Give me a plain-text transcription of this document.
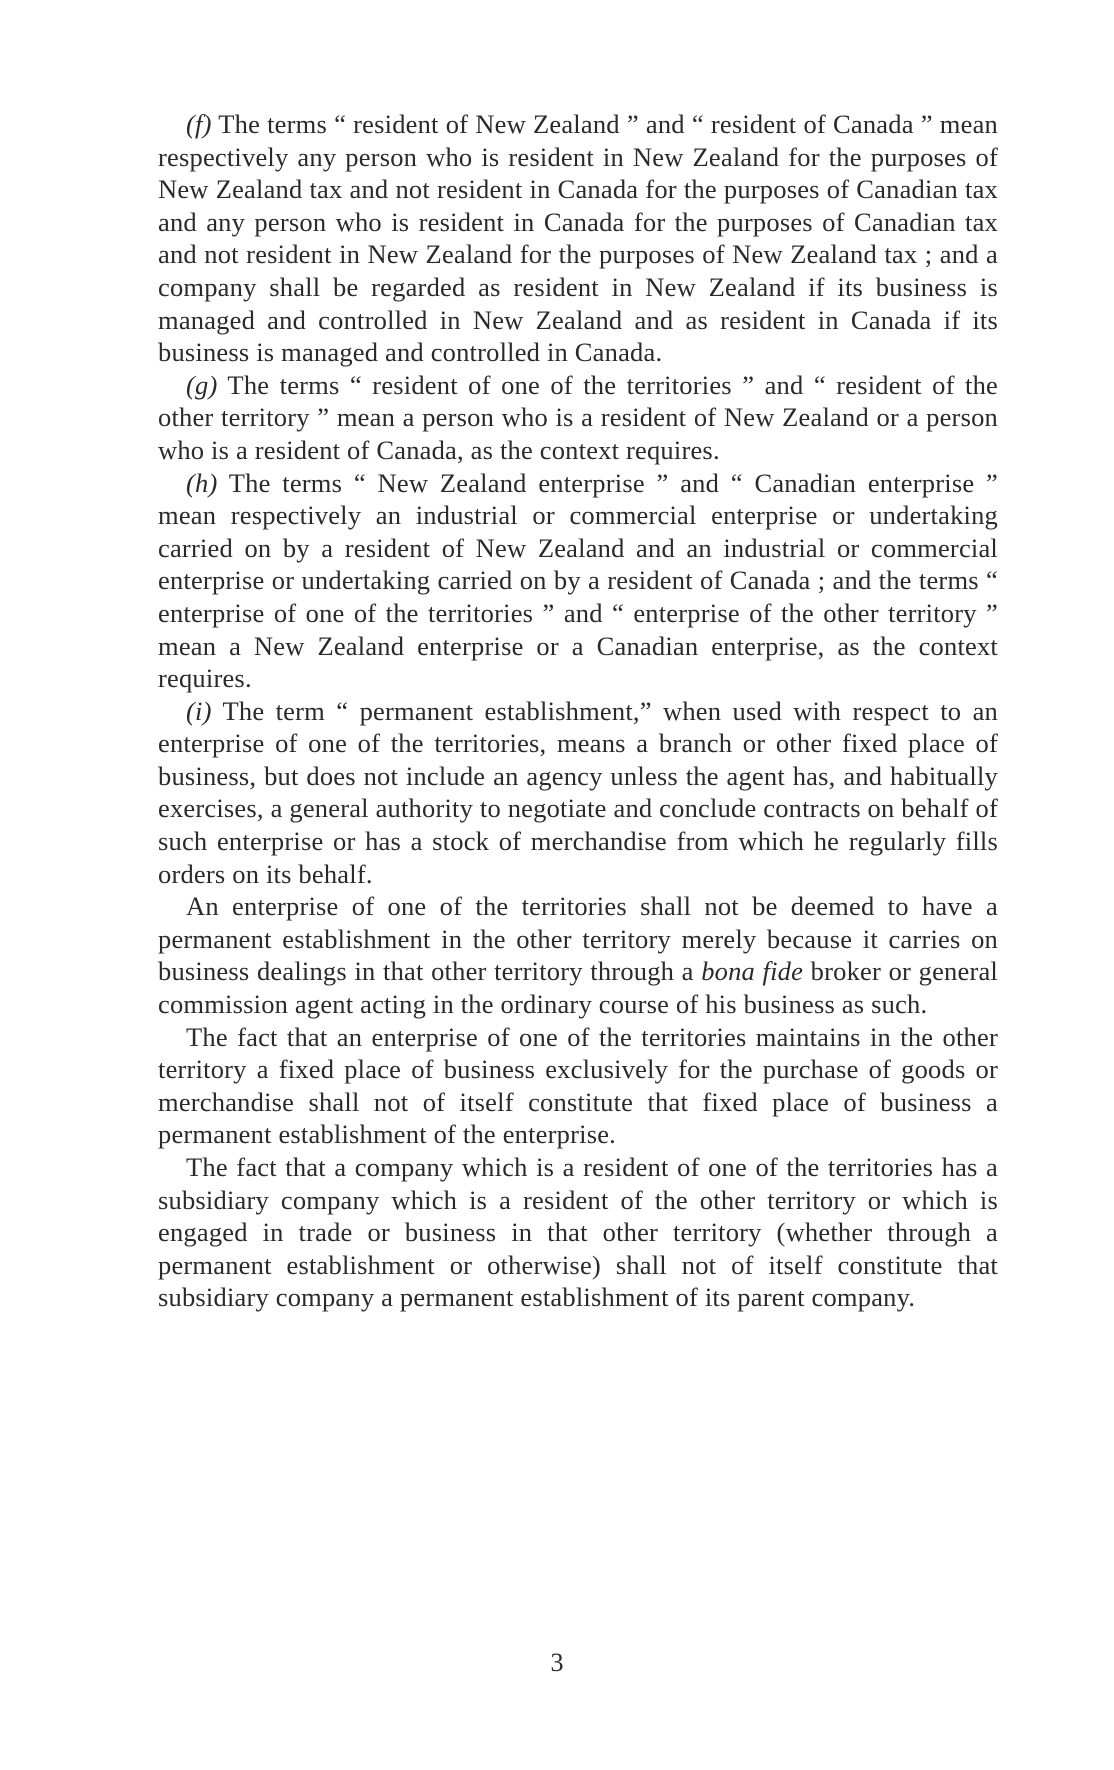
(f) The terms “ resident of New Zealand ” and “ resident of Canada ” mean respectively any person who is resident in New Zealand for the purposes of New Zealand tax and not resident in Canada for the purposes of Canadian tax and any person who is resident in Canada for the purposes of Canadian tax and not resident in New Zealand for the purposes of New Zealand tax ; and a company shall be regarded as resident in New Zealand if its business is managed and controlled in New Zealand and as resident in Canada if its business is managed and controlled in Canada.

(g) The terms “ resident of one of the territories ” and “ resident of the other territory ” mean a person who is a resident of New Zealand or a person who is a resident of Canada, as the context requires.

(h) The terms “ New Zealand enterprise ” and “ Canadian enterprise ” mean respectively an industrial or commercial enterprise or undertaking carried on by a resident of New Zealand and an industrial or commercial enterprise or undertaking carried on by a resident of Canada ; and the terms “ enterprise of one of the territories ” and “ enterprise of the other territory ” mean a New Zealand enterprise or a Canadian enterprise, as the context requires.

(i) The term “ permanent establishment,” when used with respect to an enterprise of one of the territories, means a branch or other fixed place of business, but does not include an agency unless the agent has, and habitually exercises, a general authority to negotiate and conclude contracts on behalf of such enterprise or has a stock of merchandise from which he regularly fills orders on its behalf.

An enterprise of one of the territories shall not be deemed to have a permanent establishment in the other territory merely because it carries on business dealings in that other territory through a bona fide broker or general commission agent acting in the ordinary course of his business as such.

The fact that an enterprise of one of the territories maintains in the other territory a fixed place of business exclusively for the purchase of goods or merchandise shall not of itself constitute that fixed place of business a permanent establishment of the enterprise.

The fact that a company which is a resident of one of the territories has a subsidiary company which is a resident of the other territory or which is engaged in trade or business in that other territory (whether through a permanent establishment or otherwise) shall not of itself constitute that subsidiary company a permanent establishment of its parent company.

3
